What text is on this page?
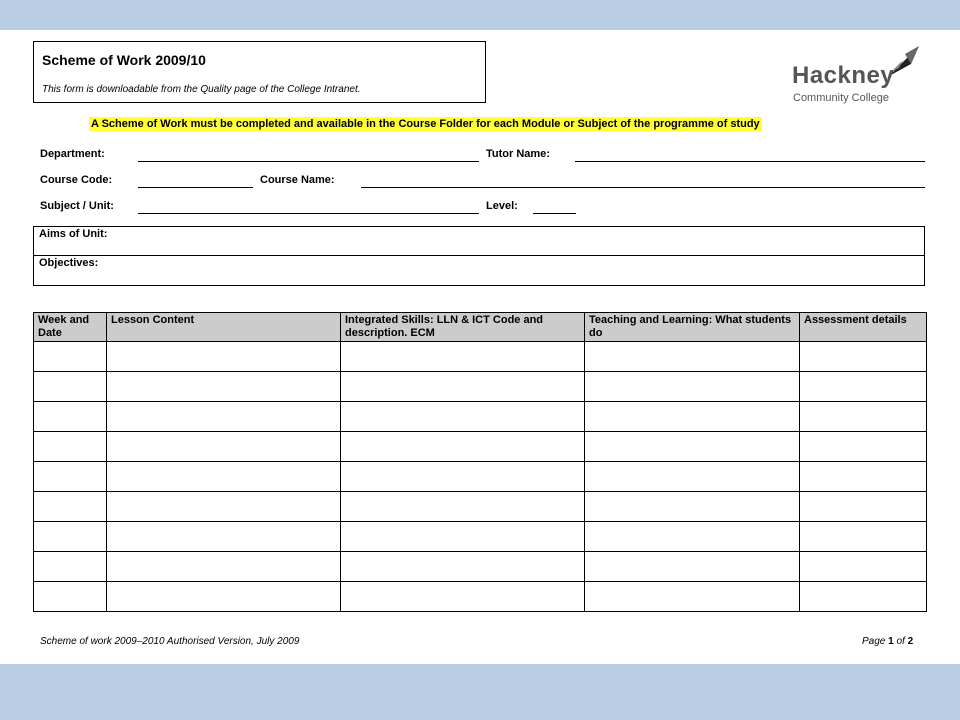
Scheme of Work 2009/10
This form is downloadable from the Quality page of the College Intranet.
Hackney
Community College
A Scheme of Work must be completed and available in the Course Folder for each Module or Subject of the programme of study
Department:	Tutor Name:
Course Code:	Course Name:
Subject / Unit:	Level:
Aims of Unit:
Objectives:
Week and Date	Lesson Content	Integrated Skills: LLN & ICT Code and description. ECM	Teaching and Learning: What students do	Assessment details

Scheme of work 2009–2010 Authorised Version, July 2009	Page 1 of 2
